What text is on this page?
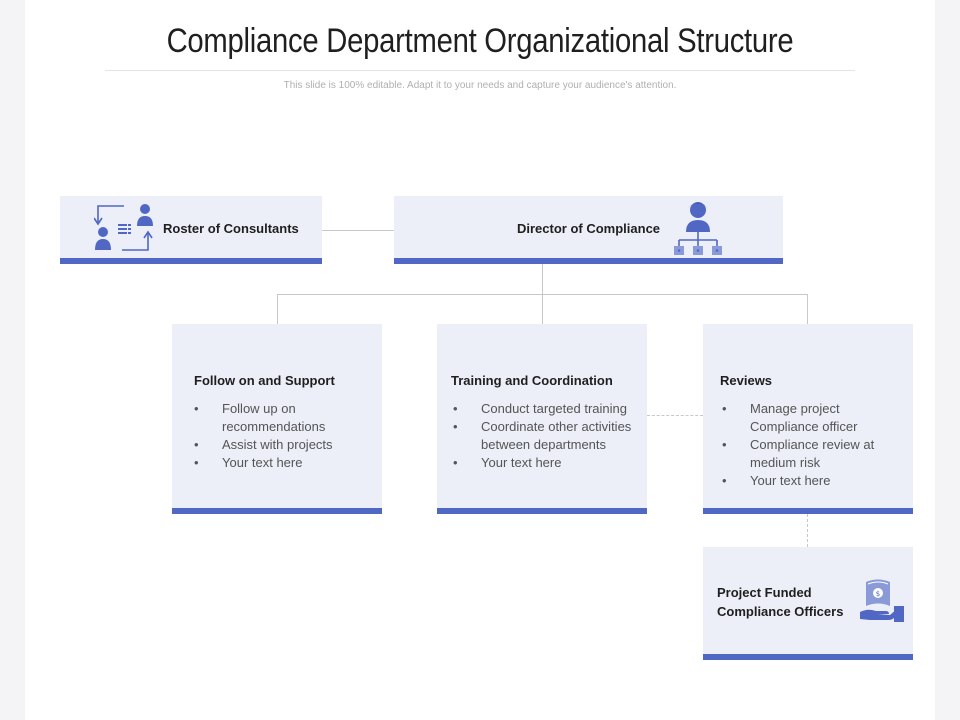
Compliance Department Organizational Structure
This slide is 100% editable. Adapt it to your needs and capture your audience's attention.
Roster of Consultants	Director of Compliance
Follow on and Support
• Follow up on recommendations
• Assist with projects
• Your text here
Training and Coordination
• Conduct targeted training
• Coordinate other activities between departments
• Your text here
Reviews
• Manage project Compliance officer
• Compliance review at medium risk
• Your text here
Project Funded
Compliance Officers
$
